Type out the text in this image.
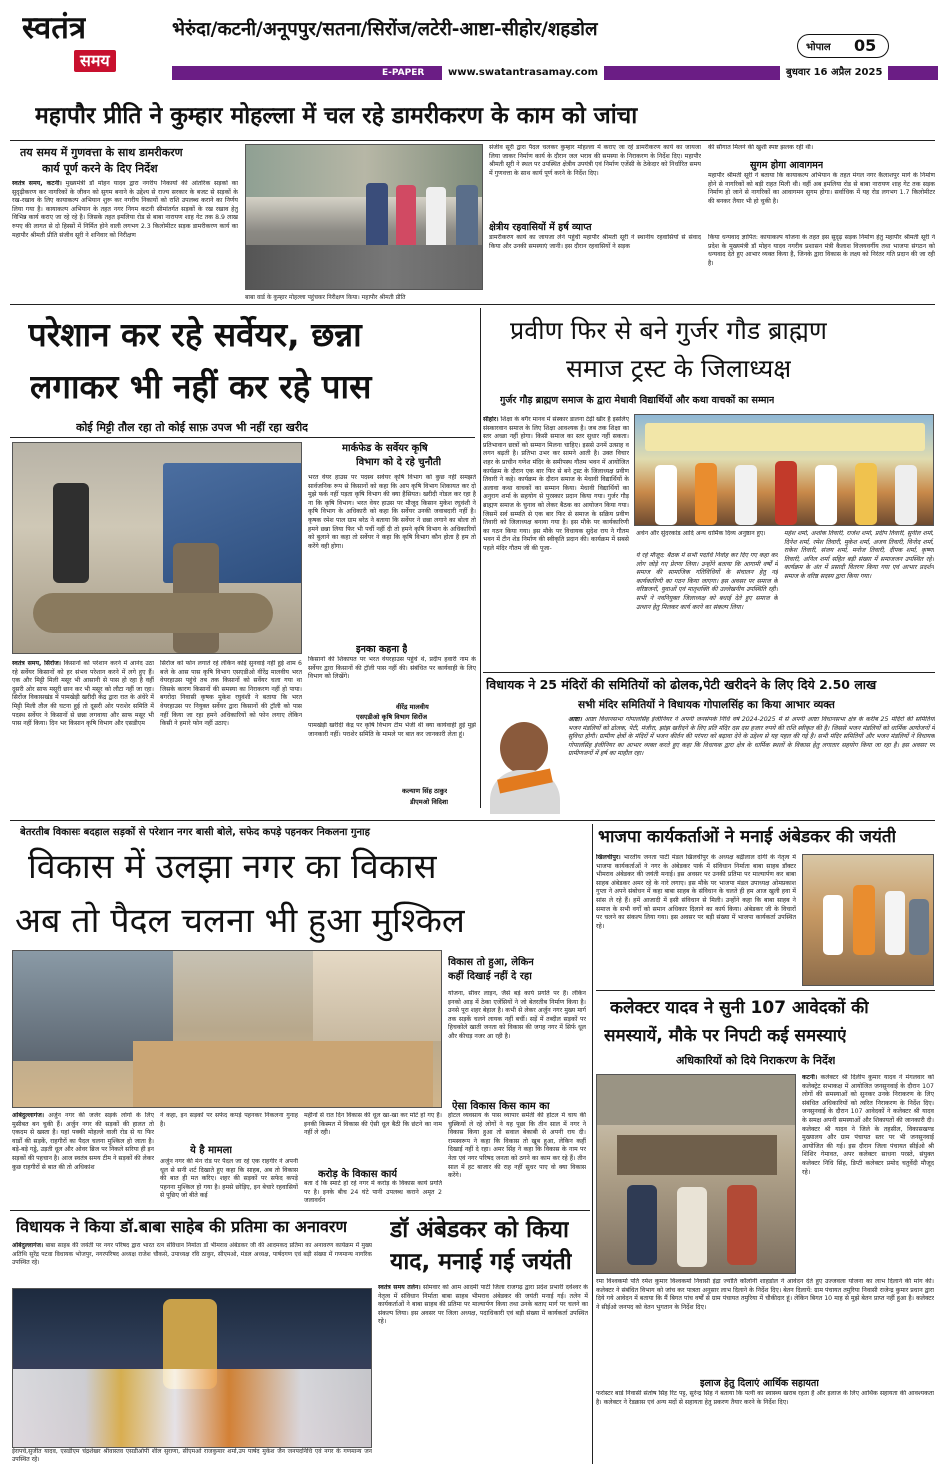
स्वतंत्र
समय
भेरुंदा/कटनी/अनूपपुर/सतना/सिरोंज/लटेरी-आष्टा-सीहोर/शहडोल
भोपाल 05
E-PAPER	www.swatantrasamay.com	बुधवार 16 अप्रैल 2025
महापौर प्रीति ने कुम्हार मोहल्ला में चल रहे डामरीकरण के काम को जांचा
तय समय में गुणवत्ता के साथ डामरीकरण
कार्य पूर्ण करने के दिए निर्देश
स्वतंत्र समय, कटनी। मुख्यमंत्री डॉ मोहन यादव द्वारा नगरीय निकायों की आंतरिक सड़कों का सुदृढ़ीकरण कर नागरिकों के जीवन को सुगम बनाने के उद्देश्य से राज्य सरकार के बजट से सड़कों के रख-रखाव के लिए कायाकल्प अभियान शुरू कर नगरीय निकायों को राशि उपलब्ध कराने का निर्णय लिया गया है। कायाकल्प अभियान के तहत नगर निगम कटनी सीमांतर्गत सड़कों के रख रखाव हेतु विभिन्न कार्य कराए जा रहे रहे है। जिसके तहत इमलिया रोड से बाबा नारायण शाह गेट तक 8.9 लाख रुपए की लागत से दो हिस्सों में निर्मित होने वाली लगभग 2.3 किलोमीटर सड़क डामरीकरण कार्य का महापौर श्रीमती प्रीति संजीव सूरी ने शनिवार को निरीक्षण
बाबा वार्ड के कुम्हार मोहल्ला पहुंचकर निरीक्षण किया। महापौर श्रीमती प्रीति
संजीव सूरी द्वारा पैदल चलकर कुम्हार मोहल्ला में कराए जा रहे डामरीकरण कार्य का जायजा लिया जाकर निर्माण कार्य के दौरान जल भराव की समस्या के निराकरण के निर्देश दिए। महापौर श्रीमती सूरी ने स्थल पर उपस्थित क्षेत्रीय उपयंत्री एवं निर्माण एजेंसी के ठेकेदार को निर्धारित समय में गुणवत्ता के साथ कार्य पूर्ण करने के निर्देश दिए।
क्षेत्रीय रहवासियों में हर्ष व्याप्त
डामरीकरण कार्य का जायजा लेने पहुंची महापौर श्रीमती सूरी ने स्थानीय रहवासियों से संवाद किया और उनकी समस्याएं जानी। इस दौरान रहवासियों ने सड़क
की सौगात मिलने की खुशी स्पष्ट झलक रही थी।
सुगम होगा आवागमन
महापौर श्रीमती सूरी ने बताया कि कायाकल्प अभियान के तहत मंगल नगर कैलाशपुर मार्ग के निर्माण होने से नागरिकों को बड़ी राहत मिली थी। वहीं अब इमलिया रोड से बाबा नारायण शाह गेट तक सड़क निर्माण हो जाने से नागरिकों का आवागमन सुगम होगा। सर्वाधिक में यह रोड लगभग 1.7 किलोमीटर की बनकर तैयार भी हो चुकी है।
किया धन्यवाद ज्ञापित: कायाकल्प योजना के तहत इस सुदृढ़ सड़क निर्माण हेतु महापौर श्रीमती सूरी ने प्रदेश के मुख्यमंत्री डॉ मोहन यादव नगरीय प्रशासन मंत्री कैलाश विजयवर्गीय तथा भाजपा संगठन को धन्यवाद देते हुए आभार व्यक्त किया है, जिनके द्वारा विकास के लक्ष्य को निरंतर गति प्रदान की जा रही है।
परेशान कर रहे सर्वेयर, छन्ना
लगाकर भी नहीं कर रहे पास
कोई मिट्टी तौल रहा तो कोई साफ़ उपज भी नहीं रहा खरीद
मार्कफेड के सर्वेयर कृषि
विभाग को दे रहे चुनौती
भरत वेयर हाउस पर पदस्थ सर्वेयर कृषि विभाग को कुछ नहीं समझते सार्वजनिक रूप से किसानों को कहा कि आप कृषि विभाग शिकायत कर दो मुझे फर्क नहीं पड़ता कृषि विभाग की क्या हैसियत। खरीदी नोडल कर रहा है ना कि कृषि विभाग। भरत वेयर हाउस पर मौजूद किसान मुकेश रघुवंशी ने कृषि विभाग के अधिकारी को कहा कि सर्वेयर उनकी जवाबदारी नहीं है। कृषक रमेश पाल ग्राम बरेठ ने बताया कि सर्वेयर ने छन्ना लगाने का बोला तो हमने छन्ना लिया फिर भी पर्ची नहीं दी तो हमने कृषि विभाग के अधिकारियों को बुलाने का कहा तो सर्वेयर ने कहा कि कृषि विभाग कौन होता है हम तो करेंगे वही होगा।
इनका कहना है
किसानों की शिकायत पर भरत वेयरहाउस पहुंचे थे, प्रदीप हवारी नाम के सर्वेयर द्वारा किसानों की ट्रॉली पास नहीं की। संबंधित पर कार्यवाही के लिए विभाग को लिखेंगे।
स्वतंत्र समय, सिरोंज। किसानों को परेशान करने में आनंद उठा रहे सर्वेयर किसानों को हर संभव परेशान करने में लगे हुए हैं। एक और मिट्टी मिली मसूर भी आसानी से पास हो रहा है वहीं दूसरी ओर साफ मसूरी छान कर भी मसूर को लौटा नहीं जा रहा। सिरोंज विकासखंड में पामखेड़ी खरीदी केंद्र द्वारा रात के अंधेरे में मिट्टी मिली तौल की घटना हुई तो दूसरी ओर पराशेर समिति में पदस्थ सर्वेयर ने किसानों से छन्ना लगवाया और साफ मसूर भी पास नहीं किया। दिन भर किसान कृषि विभाग और एसडीएम
सिरोंज को फोन लगाते रहे लेकिन कोई सुनवाई नहीं हुई शाम 6 बजे के आस पास कृषि विभाग एसएडीओ वीरेंद्र मालवीय भरत वेयरहाउस पहुंचे तब तक किसानों को सर्वेयर चला गया था जिसके कारण किसानों की समस्या का निराकरण नहीं हो पाया। बगरोदा निवासी कृषक मुकेश रघुवंशी ने बताया कि भरत वेयरहाउस पर नियुक्त सर्वेयर द्वारा किसानों की ट्रॉली को पास नहीं किया जा रहा हमने अधिकारियों को फोन लगाए लेकिन किसी ने हमारे फोन नहीं उठाए।
वीरेंद्र मालवीय
एसएडीओ कृषि विभाग सिरोंज
पामखेड़ी खरीदी केंद्र पर कृषि विभाग टीम भेजी थी क्या कार्यवाही हुई मुझे जानकारी नहीं। पराशेर समिति के मामले पर बात कर जानकारी लेता हूं।
कल्याण सिंह ठाकुर
डीएमओ विदिशा
प्रवीण फिर से बने गुर्जर गौड ब्राह्मण
समाज ट्रस्ट के जिलाध्यक्ष
गुर्जर गौड़ ब्राह्मण समाज के द्वारा मेधावी विद्यार्थियों और कथा वाचकों का सम्मान
सीहोर। शिक्षा के बगैर मानव में संस्कार डालना टेढ़ी खीर है इसलिए संस्कारवान समाज के लिए शिक्षा आवश्यक है। जब तक शिक्षा का स्तर अच्छा नहीं होगा। किसी समाज का स्तर सुधार नहीं सकता। प्रतिभावान छात्रों को सम्मान मिलना चाहिए। इससे उनमें उत्साह व लगन बढ़ती है। प्रतिभा उभर कर सामने आती है। उक्त विचार शहर के प्राचीन गणेश मंदिर के समीपस्थ गौतम भवन में आयोजित कार्यक्रम के दौरान एक बार फिर से बने ट्रस्ट के जिलाध्यक्ष प्रवीण तिवारी ने कहे। कार्यक्रम के दौरान समाज के मेधावी विद्यार्थियों के अलावा कथा वाचकों का सम्मान किया। मेधावी विद्यार्थियों का अनुराग शर्मा के सहयोग से पुरस्कार प्रदान किया गया। गुर्जर गौड़ ब्राह्मण समाज के चुनाव को लेकर बैठक का आयोजन किया गया। जिसमें सर्व सम्मति से एक बार फिर से समाज के सक्रिय प्रवीण तिवारी को जिलाध्यक्ष बनाया गया है। इस मौके पर कार्यकारिणी का गठन किया गया। इस मौके पर विधायक सुदेश राय ने गौतम भवन में टीन शेड निर्माण की स्वीकृति प्रदान की। कार्यक्रम में सबसे पहले मंदिर गौतम जी की पूजा-
अर्चन और सुंदरकांड आदि अन्य धार्मिक दिव्य अनुष्ठान हुए।
ये रहे मौजूद: बैठक में सभी पदाधि निर्वाह कर दिए गए कहा कर लोग जोड़े गए प्रेरणा लिया। उन्होंने बताया कि आगामी वर्षों में समाज की सामाजिक गतिविधियों के संचालन हेतु नई कार्यकारिणी का गठन किया जाएगा। इस अवसर पर समाज के वरिष्ठजनों, युवाओं एवं मातृशक्ति की उल्लेखनीय उपस्थिति रही। सभी ने नवनियुक्त जिलाध्यक्ष को बधाई देते हुए समाज के उत्थान हेतु मिलकर कार्य करने का संकल्प लिया।
महेश शर्मा, अशोक तिवारी, राजेश शर्मा, प्रदीप तिवारी, सुनील शर्मा, दिनेश शर्मा, रमेश तिवारी, मुकेश शर्मा, अजय तिवारी, विनोद शर्मा, राकेश तिवारी, संजय शर्मा, मनोज तिवारी, दीपक शर्मा, कृष्णा तिवारी, अनिल शर्मा सहित बड़ी संख्या में समाजजन उपस्थित रहे। कार्यक्रम के अंत में प्रसादी वितरण किया गया एवं आभार प्रदर्शन समाज के वरिष्ठ सदस्य द्वारा किया गया।
विधायक ने 25 मंदिरों की समितियों को ढोलक,पेटी खरीदने के लिए दिये 2.50 लाख
सभी मंदिर समितियों ने विधायक गोपालसिंह का किया आभार व्यक्त
आष्टा। आष्टा विधानसभा गोपालसिंह इंजीनियर ने अपनी जनसंपर्क निधि वर्ष 2024-2025 में से अपनी आष्टा विधानसभा क्षेत्र के करीब 25 मंदिरों की समितियों भजन मंडलियों को ढोलक, पेटी, मंजीरा, झांझ खरीदने के लिए प्रति मंदिर दस दस हजार रुपये की राशि स्वीकृत की है। जिससे भजन मंडलियों को धार्मिक आयोजनों में सुविधा होगी। ग्रामीण क्षेत्रों के मंदिरों में भजन कीर्तन की परंपरा को बढ़ावा देने के उद्देश्य से यह पहल की गई है। सभी मंदिर समितियों और भजन मंडलियों ने विधायक गोपालसिंह इंजीनियर का आभार व्यक्त करते हुए कहा कि विधायक द्वारा क्षेत्र के धार्मिक स्थलों के विकास हेतु लगातार सहयोग किया जा रहा है। इस अवसर पर ग्रामीणजनों में हर्ष का माहौल रहा।
बेतरतीब विकासः बदहाल सड़कों से परेशान नगर बासी बोले, सफेद कपड़े पहनकर निकलना गुनाह
विकास में उलझा नगर का विकास
अब तो पैदल चलना भी हुआ मुश्किल
विकास तो हुआ, लेकिन
कहीं दिखाई नहीं दे रहा
योजना, सीवर लाइन, जैसे बड़े कार्य प्रगति पर हैं। लेकिन इनको आड़ में ठेका एजेंसियों ने जो बेतरतीब निर्माण किया है। उनसे पूरा शहर बेहाल है। कभी से लेकर अर्जुन नगर मुख्य मार्ग तक सड़कें चलने लायक नहीं बचीं। सड़ें में तब्दील सड़कों पर हिचकोले खाती जनता को विकास की जगह नगर में सिर्फ धूल और कीचड़ नजर आ रही है।
ऐसा विकास किस काम का
होटल व्यवसाय के पास व्यापार समेती की होटल में चाय की चुस्कियों ले रहे लोगों ने यह पूछा कि तीन साल में नगर ने विकास किया हुआ तो सवाल बेकाबी से अपनी राय दी। रामस्वरूप ने कहा कि विकास तो खूब हुआ, लेकिन कहीं दिखाई नहीं दे रहा। अमर सिंह ने कहा कि विकास के नाम पर नेता एवं नगर परिषद जनता को ठगने का काम कर रहे हैं। तीन साल में हट बाजार की राह नहीं सुधर पाए वो क्या विकास करेंगे।
ओबेदुल्लागंज। अर्जुन नगर की जर्जर सड़कें लोगों के लिए मुसीबत बन चुकी हैं। अर्जुन नगर की सड़कों की हालत तो एकदम से खस्ता है। यहां पक्की मोहल्ले वाली रोड से या फिर वार्डों की सड़कें, राहगीरों का पैदल चलना मुश्किल हो जाता है। बड़े-बड़े गड्ढे, उड़ती धूल और ओवर ब्रिज पर निकले सरिया ही इन सड़कों की पहचान है। आज स्वतंत्र समय टीम ने सड़कों की लेकर कुछ राहगीरों से बात की तो अधिकांश
ने कहा, इन सड़कों पर सफेद कपड़े पहनकर निकलना गुनाह है।
ये है मामला
अर्जुन नगर की मेन रोड पर पैदल जा रहे एक राहगीर ने अपनी धूल से सनी शर्ट दिखाते हुए कहा कि साहब, अब तो विकास की बात ही मत करिए। शहर की सड़कों पर सफेद कपड़े पहनना मुश्किल हो गया है। हमसे छोड़िए, इन बेचारे रहवासियों से पूछिए जो बीते कई
महीनों से रात दिन विकास की धूल खा-खा कर मोटे हो गए हैं। इनकी किस्मत में विकास की ऐसी धूल बैठी कि छंटने का नाम नहीं ले रही।
करोड़ के विकास कार्य
बता दें कि स्मार्ट हो रहे नगर में करोड़ के विकास कार्य प्रगति पर है। इनके बीच 24 घंटे पानी उपलब्ध कराने अमृत 2 जलावर्धन
विधायक ने किया डॉ.बाबा साहेब की प्रतिमा का अनावरण
ओबेदुल्लागंज। बाबा साहब की जयंती पर नगर परिषद द्वारा भारत रत्न संविधान निर्माता डॉ भीमराव अंबेडकर जी की आदमकद प्रतिमा का अनावरण कार्यक्रम में मुख्य अतिथि सुरेंद्र पटवा विधायक भोजपुर, नगरपरिषद अध्यक्ष राजेश चौकसे, उपाध्यक्ष रवि ठाकुर, सीएमओ, मंडल अध्यक्ष, पार्षदगण एवं बड़ी संख्या में गणमान्य नागरिक उपस्थित रहे।
ईरापचे,सुजीत यादव, एसडीएम चंद्रशेखर श्रीवास्तव एसडीओपी शील सुराणा, सीएमओ राजकुमार शर्मा,उप पार्षद मुकेश जैन जनपदनिधि एवं नगर के गणमान्य जन उपस्थित रहे।
डॉ अंबेडकर को किया
याद, मनाई गई जयंती
स्वतंत्र समय तलेन। सोमवार को आम आदमी पार्टी जिला राजगढ़ द्वारा प्रदेश प्रभारी दर्वेश्वर के नेतृत्व में संविधान निर्माता बाबा साहब भीमराव अंबेडकर की जयंती मनाई गई। तलेन में कार्यकर्ताओं ने बाबा साहब की प्रतिमा पर माल्यार्पण किया तथा उनके बताए मार्ग पर चलने का संकल्प लिया। इस अवसर पर जिला अध्यक्ष, पदाधिकारी एवं बड़ी संख्या में कार्यकर्ता उपस्थित रहे।
भाजपा कार्यकर्ताओं ने मनाई अंबेडकर की जयंती
खिलचीपुर। भारतीय जनता पार्टी मंडल खिलचीपुर के अध्यक्ष बद्रीलाल दांगी के नेतृत्व में भाजपा कार्यकर्ताओं ने नगर के अंबेडकर पार्क में संविधान निर्माता बाबा साहब डॉक्टर भीमराव अंबेडकर की जयंती मनाई। इस अवसर पर उनकी प्रतिमा पर माल्यार्पण कर बाबा साहब अंबेडकर अमर रहे के नारे लगाए। इस मौके पर भाजपा मंडल उपाध्यक्ष ओमप्रकाश गुप्ता ने अपने संबोधन में कहा बाबा साहब के संविधान के चलते ही हम आज खुली हवा में सांस ले रहे हैं। हमें आजादी में इसी संविधान से मिली। उन्होंने कहा कि बाबा साहब ने समाज के सभी वर्गों को समान अधिकार दिलाने का कार्य किया। अंबेडकर जी के विचारों पर चलने का संकल्प लिया गया। इस अवसर पर बड़ी संख्या में भाजपा कार्यकर्ता उपस्थित रहे।
कलेक्टर यादव ने सुनी 107 आवेदकों की
समस्यायें, मौके पर निपटी कई समस्याएं
अधिकारियों को दिये निराकरण के निर्देश
कटनी। कलेक्टर श्री दिलीप कुमार यादव ने मंगलवार को कलेक्ट्रेट सभाकक्ष में आयोजित जनसुनवाई के दौरान 107 लोगों की समस्याओं को सुनकर उनके निराकरण के लिए संबंधित अधिकारियों को त्वरित निराकरण के निर्देश दिए। जनसुनवाई के दौरान 107 आवेदकों ने कलेक्टर श्री यादव के समक्ष अपनी समस्याओं और शिकायतों की जानकारी दी। कलेक्टर श्री यादव ने जिले के तहसील, विकासखण्ड मुख्यालय और ग्राम पंचायत स्तर पर भी जनसुनवाई आयोजित की गई। इस दौरान जिला पंचायत सीईओ श्री शिशिर गेमावत, अपर कलेक्टर साधना परस्ते, संयुक्त कलेक्टर निधि सिंह, डिप्टी कलेक्टर प्रमोद चतुर्वेदी मौजूद रहे।
रमा विश्वकर्मा पति रमेश कुमार विश्वकर्मा निवासी इंद्रा ज्योति कॉलोनी शाहडोल ने आवेदन देते हुए उज्जवला योजना का लाभ दिलाने की मांग की। कलेक्टर ने संबंधित विभाग को जांच कर पात्रता अनुसार लाभ दिलाने के निर्देश दिए। बेतन दिलायें: ग्राम पंचायत तमुरिया निवासी राजेन्द्र कुमार प्रधान द्वारा दिये गये आवेदन में बताया कि मैं बिगत पांच वर्षों से ग्राम पंचायत तमुरिया में चौकीदार हूं। लेकिन बिगत 10 माह से मुझे बेतन प्राप्त नहीं हुआ है। कलेक्टर ने सीईओ जनपद को वेतन भुगतान के निर्देश दिए।
इलाज हेतु दिलाएं आर्थिक सहायता
फरोस्टर बार्ड निवासी संतोष सिंह रिंट पट्ट, सुरेन्द्र सिंह ने बताया कि पत्नी का स्वास्थ्य खराब रहता है और इलाज के लिए आर्थिक सहायता की आवश्यकता है। कलेक्टर ने रेडक्रास एवं अन्य मदों से सहायता हेतु प्रकरण तैयार करने के निर्देश दिए।
